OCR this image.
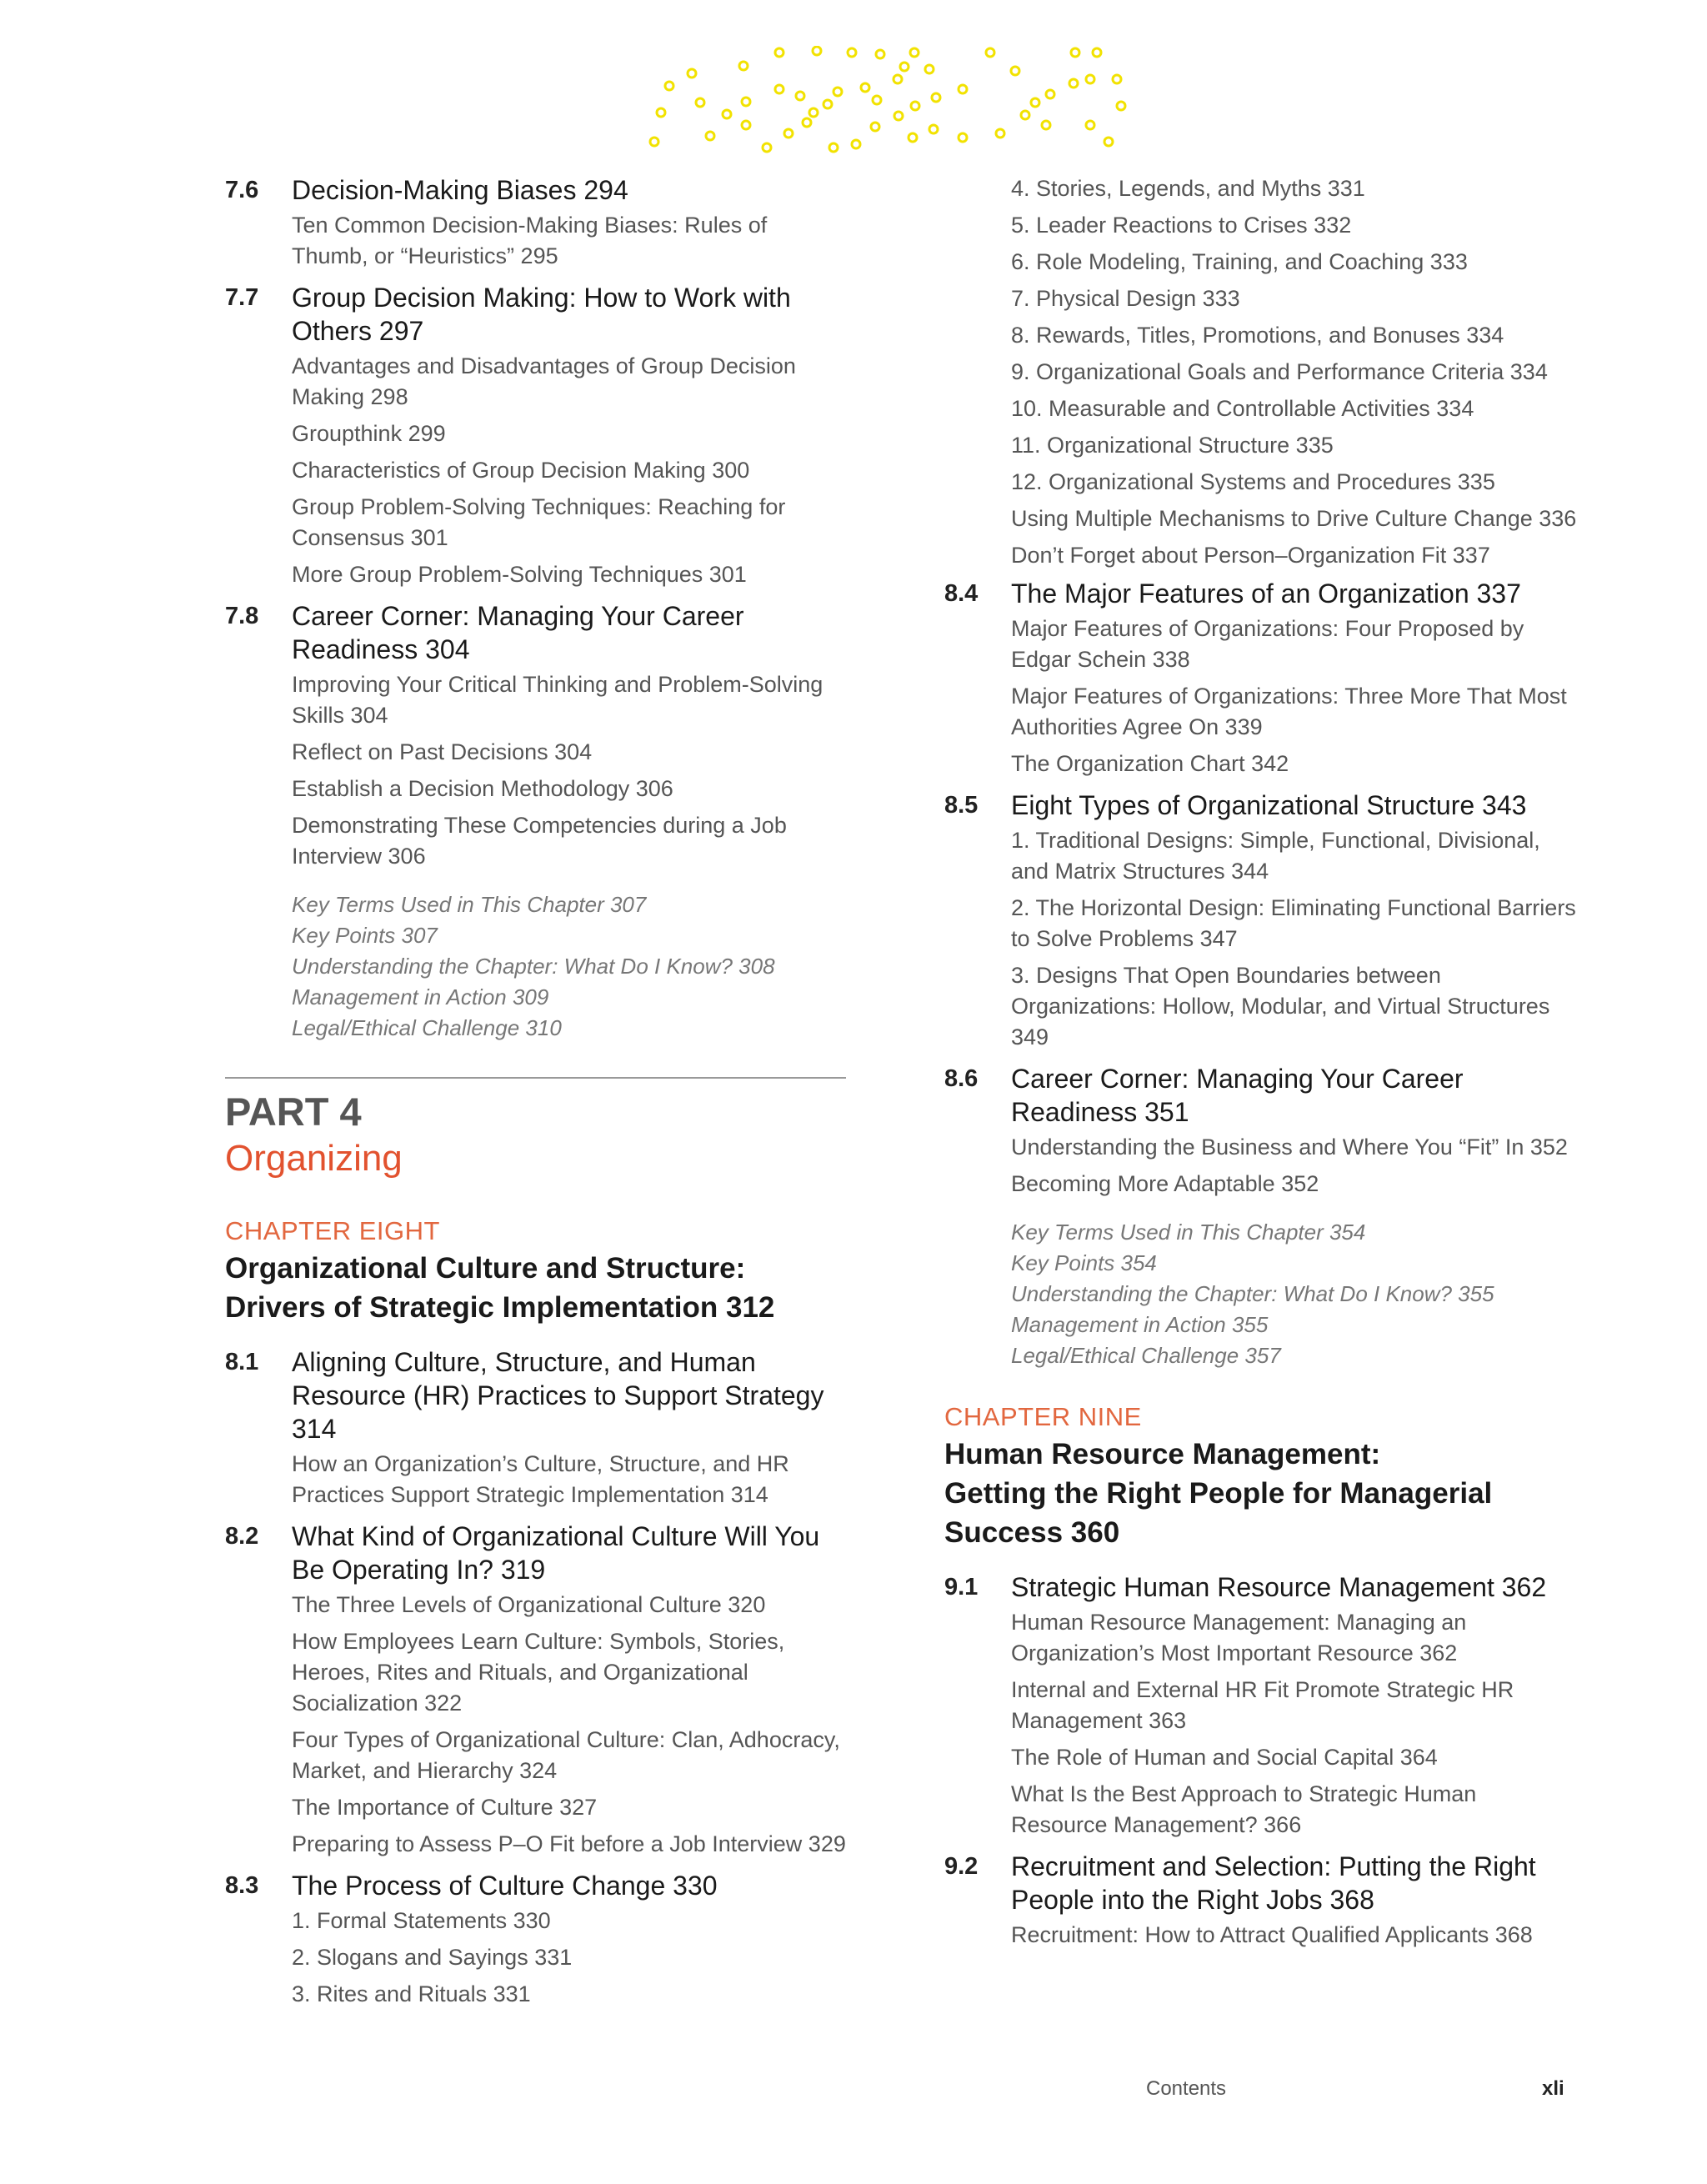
7.6	Decision-Making Biases 294
Ten Common Decision-Making Biases: Rules of Thumb, or “Heuristics” 295
7.7	Group Decision Making: How to Work with Others 297
Advantages and Disadvantages of Group Decision Making 298
Groupthink 299
Characteristics of Group Decision Making 300
Group Problem-Solving Techniques: Reaching for Consensus 301
More Group Problem-Solving Techniques 301
7.8	Career Corner: Managing Your Career Readiness 304
Improving Your Critical Thinking and Problem-Solving Skills 304
Reflect on Past Decisions 304
Establish a Decision Methodology 306
Demonstrating These Competencies during a Job Interview 306
Key Terms Used in This Chapter 307
Key Points 307
Understanding the Chapter: What Do I Know? 308
Management in Action 309
Legal/Ethical Challenge 310
PART 4
Organizing
CHAPTER EIGHT
Organizational Culture and Structure:
Drivers of Strategic Implementation 312
8.1	Aligning Culture, Structure, and Human Resource (HR) Practices to Support Strategy 314
How an Organization’s Culture, Structure, and HR Practices Support Strategic Implementation 314
8.2	What Kind of Organizational Culture Will You Be Operating In? 319
The Three Levels of Organizational Culture 320
How Employees Learn Culture: Symbols, Stories, Heroes, Rites and Rituals, and Organizational Socialization 322
Four Types of Organizational Culture: Clan, Adhocracy, Market, and Hierarchy 324
The Importance of Culture 327
Preparing to Assess P–O Fit before a Job Interview 329
8.3	The Process of Culture Change 330
1. Formal Statements 330
2. Slogans and Sayings 331
3. Rites and Rituals 331
4. Stories, Legends, and Myths 331
5. Leader Reactions to Crises 332
6. Role Modeling, Training, and Coaching 333
7. Physical Design 333
8. Rewards, Titles, Promotions, and Bonuses 334
9. Organizational Goals and Performance Criteria 334
10. Measurable and Controllable Activities 334
11. Organizational Structure 335
12. Organizational Systems and Procedures 335
Using Multiple Mechanisms to Drive Culture Change 336
Don’t Forget about Person–Organization Fit 337
8.4	The Major Features of an Organization 337
Major Features of Organizations: Four Proposed by Edgar Schein 338
Major Features of Organizations: Three More That Most Authorities Agree On 339
The Organization Chart 342
8.5	Eight Types of Organizational Structure 343
1. Traditional Designs: Simple, Functional, Divisional, and Matrix Structures 344
2. The Horizontal Design: Eliminating Functional Barriers to Solve Problems 347
3. Designs That Open Boundaries between Organizations: Hollow, Modular, and Virtual Structures 349
8.6	Career Corner: Managing Your Career Readiness 351
Understanding the Business and Where You “Fit” In 352
Becoming More Adaptable 352
Key Terms Used in This Chapter 354
Key Points 354
Understanding the Chapter: What Do I Know? 355
Management in Action 355
Legal/Ethical Challenge 357
CHAPTER NINE
Human Resource Management:
Getting the Right People for Managerial
Success 360
9.1	Strategic Human Resource Management 362
Human Resource Management: Managing an Organization’s Most Important Resource 362
Internal and External HR Fit Promote Strategic HR Management 363
The Role of Human and Social Capital 364
What Is the Best Approach to Strategic Human Resource Management? 366
9.2	Recruitment and Selection: Putting the Right People into the Right Jobs 368
Recruitment: How to Attract Qualified Applicants 368
Contents	xli
